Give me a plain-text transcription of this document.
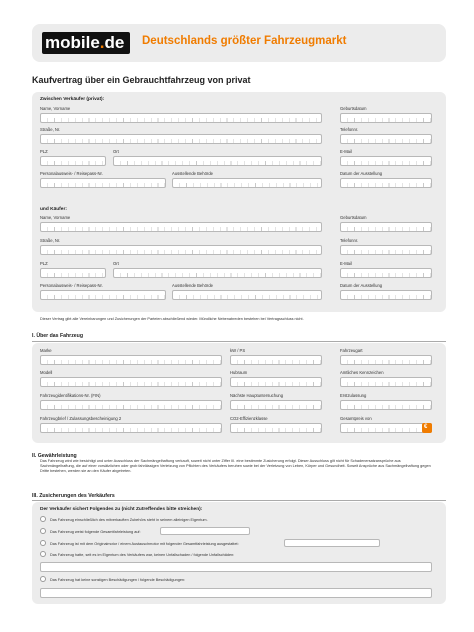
mobile.de	Deutschlands größter Fahrzeugmarkt
Kaufvertrag über ein Gebrauchtfahrzeug von privat
Zwischen Verkäufer (privat):
Name, Vorname	Geburtsdatum
Straße, Nr.	Telefonnr.
PLZ	Ort	E-Mail
Personalausweis- / Reisepass-Nr.	Ausstellende Behörde	Datum der Ausstellung
und Käufer:
Name, Vorname	Geburtsdatum
Straße, Nr.	Telefonnr.
PLZ	Ort	E-Mail
Personalausweis- / Reisepass-Nr.	Ausstellende Behörde	Datum der Ausstellung
Dieser Vertrag gibt alle Vereinbarungen und Zusicherungen der Parteien abschließend wieder. Mündliche Nebenabreden bestehen bei Vertragsschluss nicht.
I. Über das Fahrzeug
Marke	kW / PS	Fahrzeugart
Modell	Hubraum	Amtliches Kennzeichen
Fahrzeugidentifikations-Nr. (FIN)	Nächste Hauptuntersuchung	Erstzulassung
Fahrzeugbrief / Zulassungsbescheinigung 2	CO2-Effizienzklasse	Gesamtpreis von
€
II. Gewährleistung
Das Fahrzeug wird wie besichtigt und unter Ausschluss der Sachmängelhaftung verkauft, soweit nicht unter Ziffer III. eine bestimmte Zusicherung erfolgt. Dieser Ausschluss gilt nicht für Schadenersatzansprüche aus Sachmängelhaftung, die auf einer vorsätzlichen oder grob fahrlässigen Verletzung von Pflichten des Verkäufers beruhen sowie bei der Verletzung von Leben, Körper und Gesundheit. Soweit Ansprüche aus Sachmängelhaftung gegen Dritte bestehen, werden sie an den Käufer abgetreten.
III. Zusicherungen des Verkäufers
Der Verkäufer sichert Folgendes zu (nicht Zutreffendes bitte streichen):
Das Fahrzeug einschließlich des mitverkauften Zubehörs steht in seinem alleinigen Eigentum.
Das Fahrzeug weist folgende Gesamtfahrleistung auf:
Das Fahrzeug ist mit dem Originalmotor / einem Austauschmotor mit folgender Gesamtfahrleistung ausgestattet:
Das Fahrzeug hatte, seit es im Eigentum des Verkäufers war, keinen Unfallschaden / folgende Unfallschäden:
Das Fahrzeug hat keine sonstigen Beschädigungen / folgende Beschädigungen:
